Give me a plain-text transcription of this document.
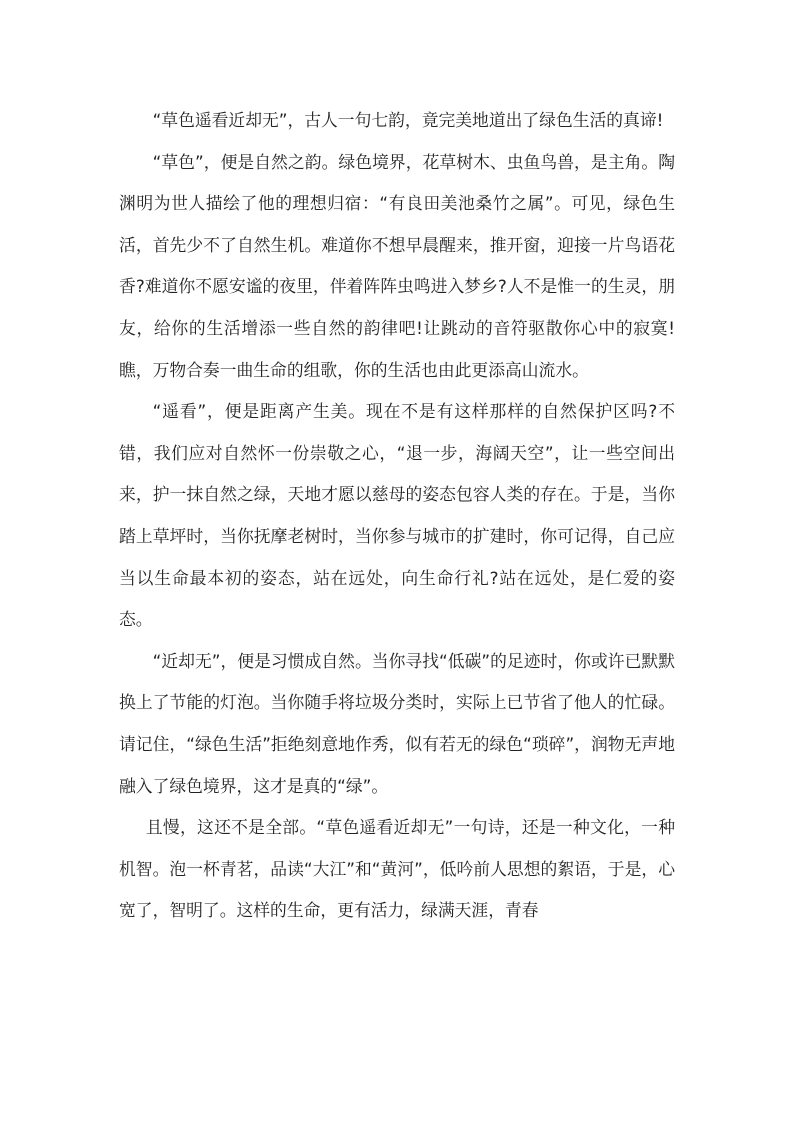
“草色遥看近却无”，古人一句七韵，竟完美地道出了绿色生活的真谛!

“草色”，便是自然之韵。绿色境界，花草树木、虫鱼鸟兽，是主角。陶渊明为世人描绘了他的理想归宿：“有良田美池桑竹之属”。可见，绿色生活，首先少不了自然生机。难道你不想早晨醒来，推开窗，迎接一片鸟语花香?难道你不愿安谧的夜里，伴着阵阵虫鸣进入梦乡?人不是惟一的生灵，朋友，给你的生活增添一些自然的韵律吧!让跳动的音符驱散你心中的寂寞!瞧，万物合奏一曲生命的组歌，你的生活也由此更添高山流水。

“遥看”，便是距离产生美。现在不是有这样那样的自然保护区吗?不错，我们应对自然怀一份崇敬之心，“退一步，海阔天空”，让一些空间出来，护一抹自然之绿，天地才愿以慈母的姿态包容人类的存在。于是，当你踏上草坪时，当你抚摩老树时，当你参与城市的扩建时，你可记得，自己应当以生命最本初的姿态，站在远处，向生命行礼?站在远处，是仁爱的姿态。

“近却无”，便是习惯成自然。当你寻找“低碳”的足迹时，你或许已默默换上了节能的灯泡。当你随手将垃圾分类时，实际上已节省了他人的忙碌。请记住，“绿色生活”拒绝刻意地作秀，似有若无的绿色“琐碎”，润物无声地融入了绿色境界，这才是真的“绿”。

且慢，这还不是全部。“草色遥看近却无”一句诗，还是一种文化，一种机智。泡一杯青茗，品读“大江”和“黄河”，低吟前人思想的絮语，于是，心宽了，智明了。这样的生命，更有活力，绿满天涯，青春
